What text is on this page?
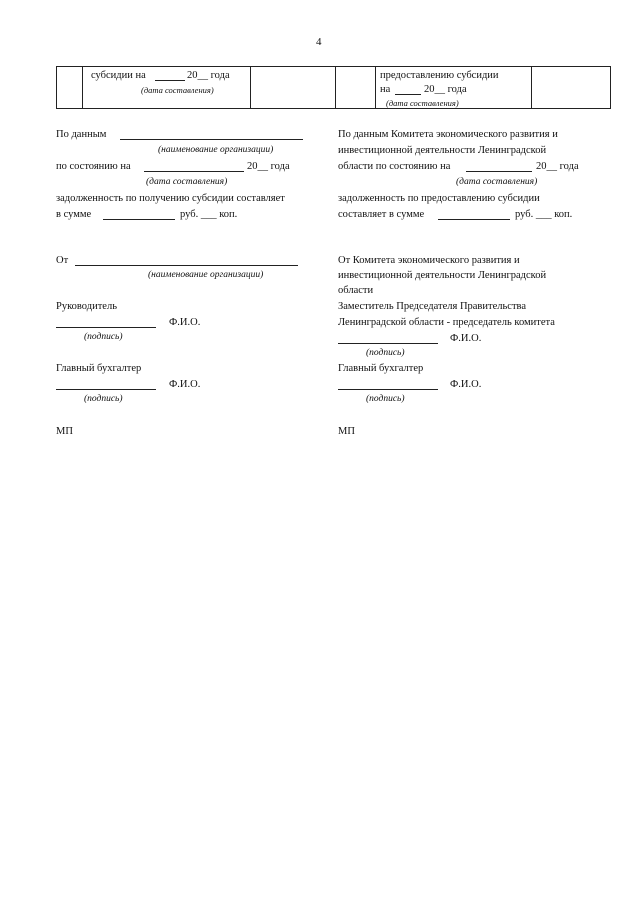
4

субсидии на	20__ года
(дата составления)

предоставлению субсидии
на	20__ года
(дата составления)

По данным
(наименование организации)
по состоянию на	20__ года
(дата составления)
задолженность по получению субсидии составляет
в сумме	руб. ___ коп.
От
(наименование организации)
Руководитель
Ф.И.О.
(подпись)
Главный бухгалтер
Ф.И.О.
(подпись)
МП
По данным Комитета экономического развития и
инвестиционной деятельности Ленинградской
области по состоянию на	20__ года
(дата составления)
задолженность по предоставлению субсидии
составляет в сумме	руб. ___ коп.
От Комитета экономического развития и
инвестиционной деятельности Ленинградской
области
Заместитель Председателя Правительства
Ленинградской области - председатель комитета
Ф.И.О.
(подпись)
Главный бухгалтер
Ф.И.О.
(подпись)
МП
